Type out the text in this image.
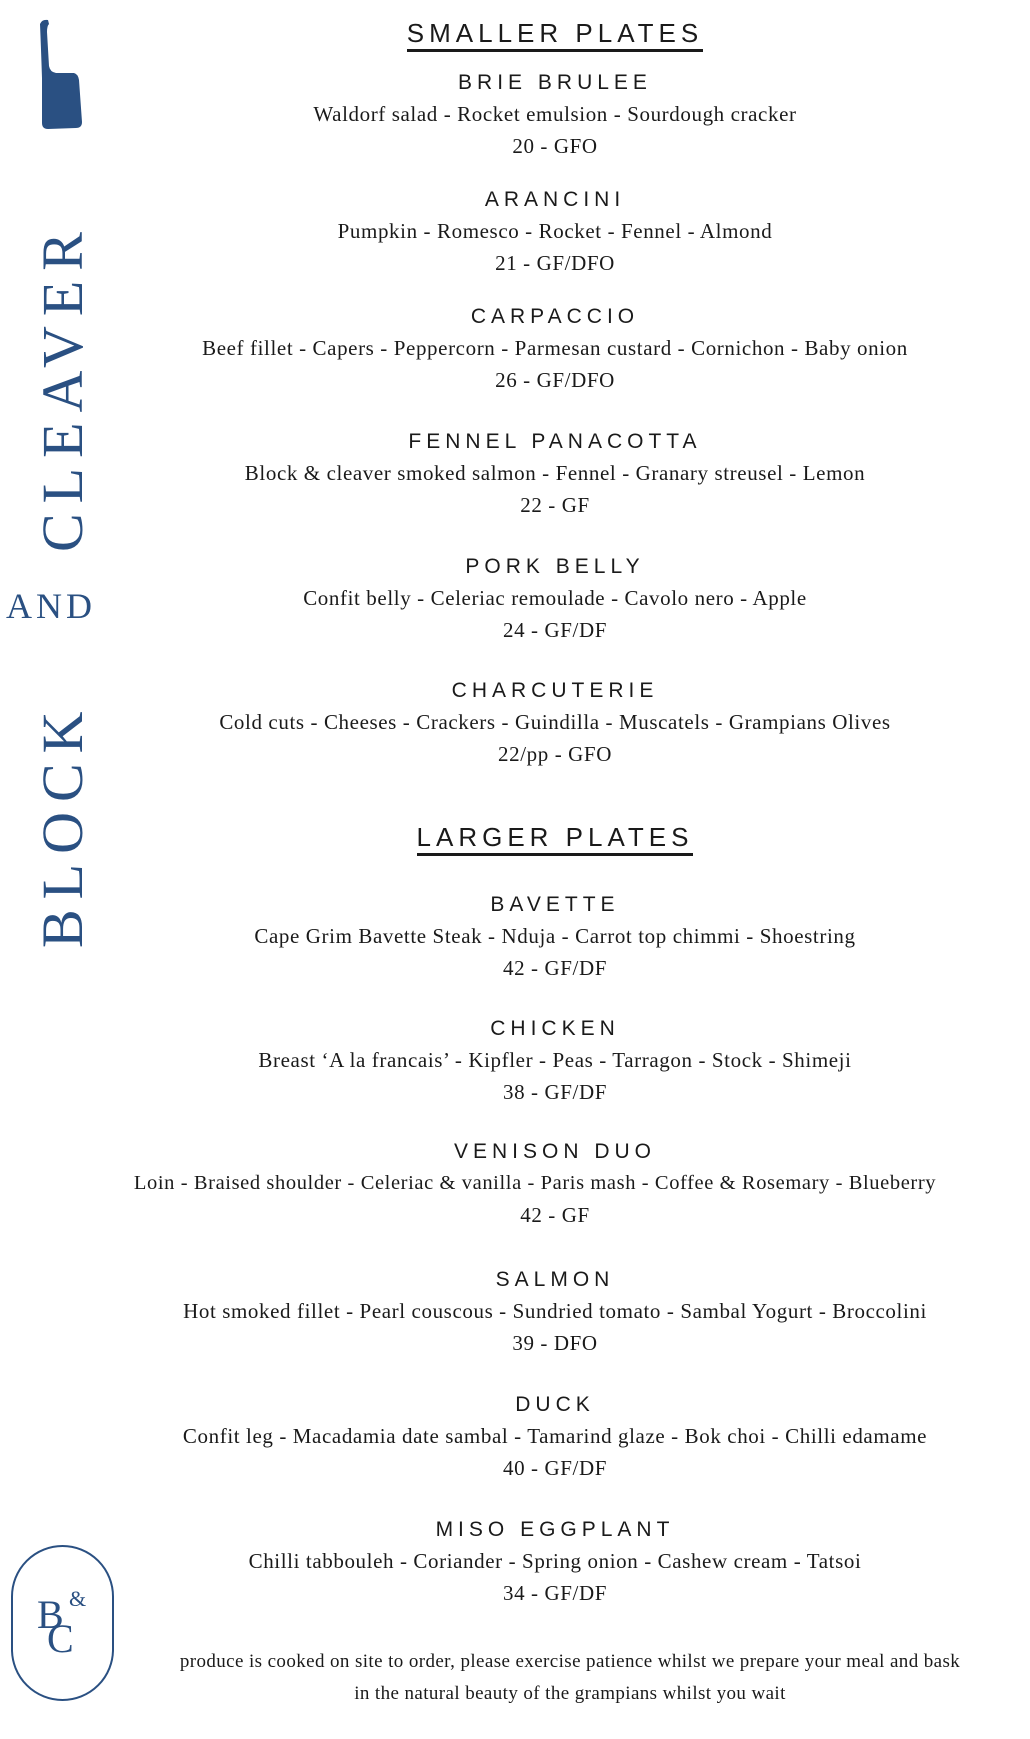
CLEAVER
AND
BLOCK
B &
C
SMALLER PLATES
BRIE BRULEE
Waldorf salad - Rocket emulsion - Sourdough cracker
20 - GFO
ARANCINI
Pumpkin - Romesco - Rocket - Fennel - Almond
21 - GF/DFO
CARPACCIO
Beef fillet - Capers - Peppercorn - Parmesan custard - Cornichon - Baby onion
26 - GF/DFO
FENNEL PANACOTTA
Block & cleaver smoked salmon - Fennel - Granary streusel - Lemon
22 - GF
PORK BELLY
Confit belly - Celeriac remoulade - Cavolo nero - Apple
24 - GF/DF
CHARCUTERIE
Cold cuts - Cheeses - Crackers - Guindilla - Muscatels - Grampians Olives
22/pp - GFO
LARGER PLATES
BAVETTE
Cape Grim Bavette Steak - Nduja - Carrot top chimmi - Shoestring
42 - GF/DF
CHICKEN
Breast ‘A la francais’ - Kipfler - Peas - Tarragon - Stock - Shimeji
38 - GF/DF
VENISON DUO
Loin - Braised shoulder - Celeriac & vanilla - Paris mash - Coffee & Rosemary - Blueberry
42 - GF
SALMON
Hot smoked fillet - Pearl couscous - Sundried tomato - Sambal Yogurt - Broccolini
39 - DFO
DUCK
Confit leg - Macadamia date sambal - Tamarind glaze - Bok choi - Chilli edamame
40 - GF/DF
MISO EGGPLANT
Chilli tabbouleh - Coriander - Spring onion - Cashew cream - Tatsoi
34 - GF/DF
produce is cooked on site to order, please exercise patience whilst we prepare your meal and bask
in the natural beauty of the grampians whilst you wait
